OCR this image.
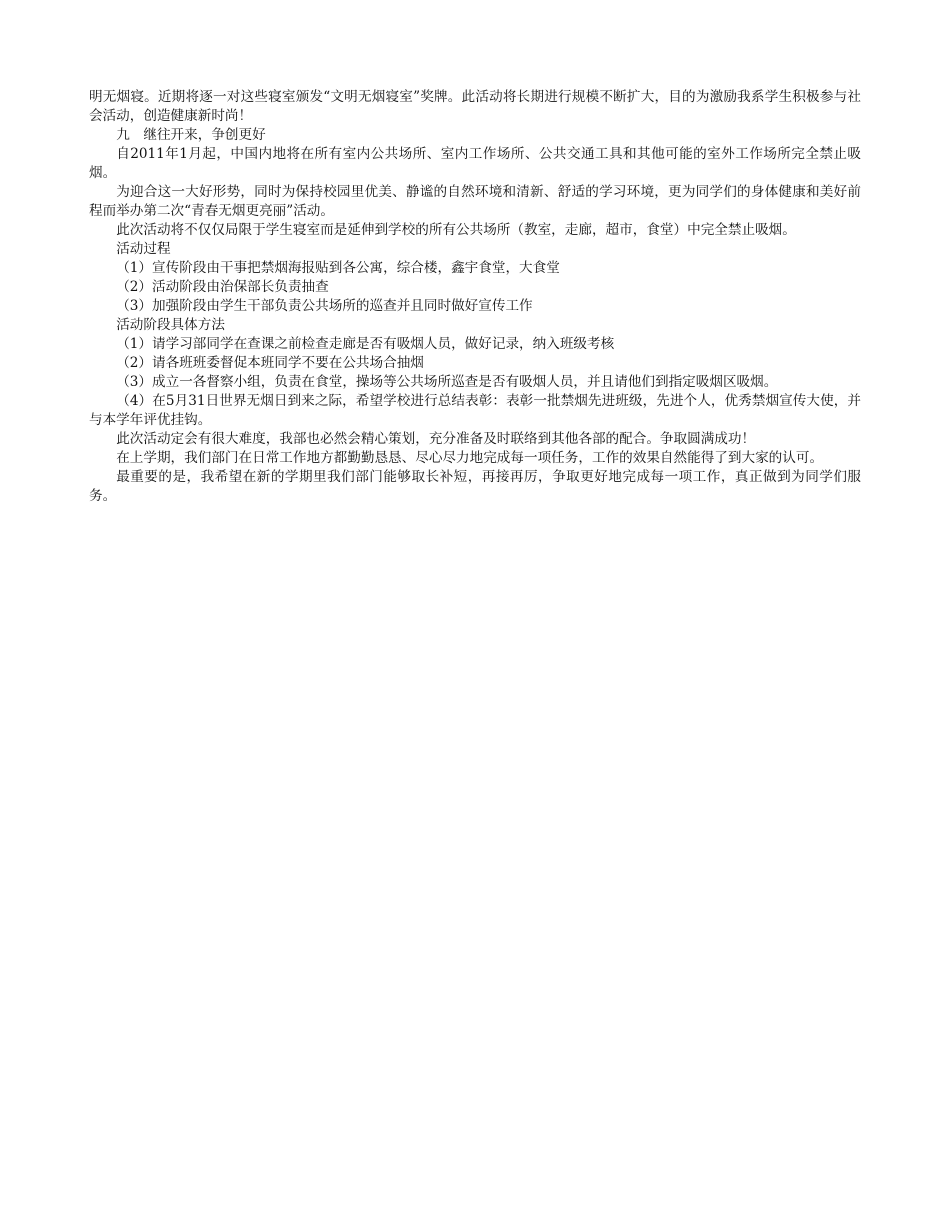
明无烟寝。近期将逐一对这些寝室颁发“文明无烟寝室”奖牌。此活动将长期进行规模不断扩大，目的为激励我系学生积极参与社会活动，创造健康新时尚！

九　继往开来，争创更好

自2011年1月起，中国内地将在所有室内公共场所、室内工作场所、公共交通工具和其他可能的室外工作场所完全禁止吸烟。

为迎合这一大好形势，同时为保持校园里优美、静谧的自然环境和清新、舒适的学习环境，更为同学们的身体健康和美好前程而举办第二次“青春无烟更亮丽”活动。

此次活动将不仅仅局限于学生寝室而是延伸到学校的所有公共场所（教室，走廊，超市，食堂）中完全禁止吸烟。

活动过程

（1）宣传阶段由干事把禁烟海报贴到各公寓，综合楼，鑫宇食堂，大食堂

（2）活动阶段由治保部长负责抽查

（3）加强阶段由学生干部负责公共场所的巡查并且同时做好宣传工作

活动阶段具体方法

（1）请学习部同学在查课之前检查走廊是否有吸烟人员，做好记录，纳入班级考核

（2）请各班班委督促本班同学不要在公共场合抽烟

（3）成立一各督察小组，负责在食堂，操场等公共场所巡查是否有吸烟人员，并且请他们到指定吸烟区吸烟。

（4）在5月31日世界无烟日到来之际，希望学校进行总结表彰：表彰一批禁烟先进班级，先进个人，优秀禁烟宣传大使，并与本学年评优挂钩。

此次活动定会有很大难度，我部也必然会精心策划，充分准备及时联络到其他各部的配合。争取圆满成功！

在上学期，我们部门在日常工作地方都勤勤恳恳、尽心尽力地完成每一项任务，工作的效果自然能得了到大家的认可。

最重要的是，我希望在新的学期里我们部门能够取长补短，再接再厉，争取更好地完成每一项工作，真正做到为同学们服务。
